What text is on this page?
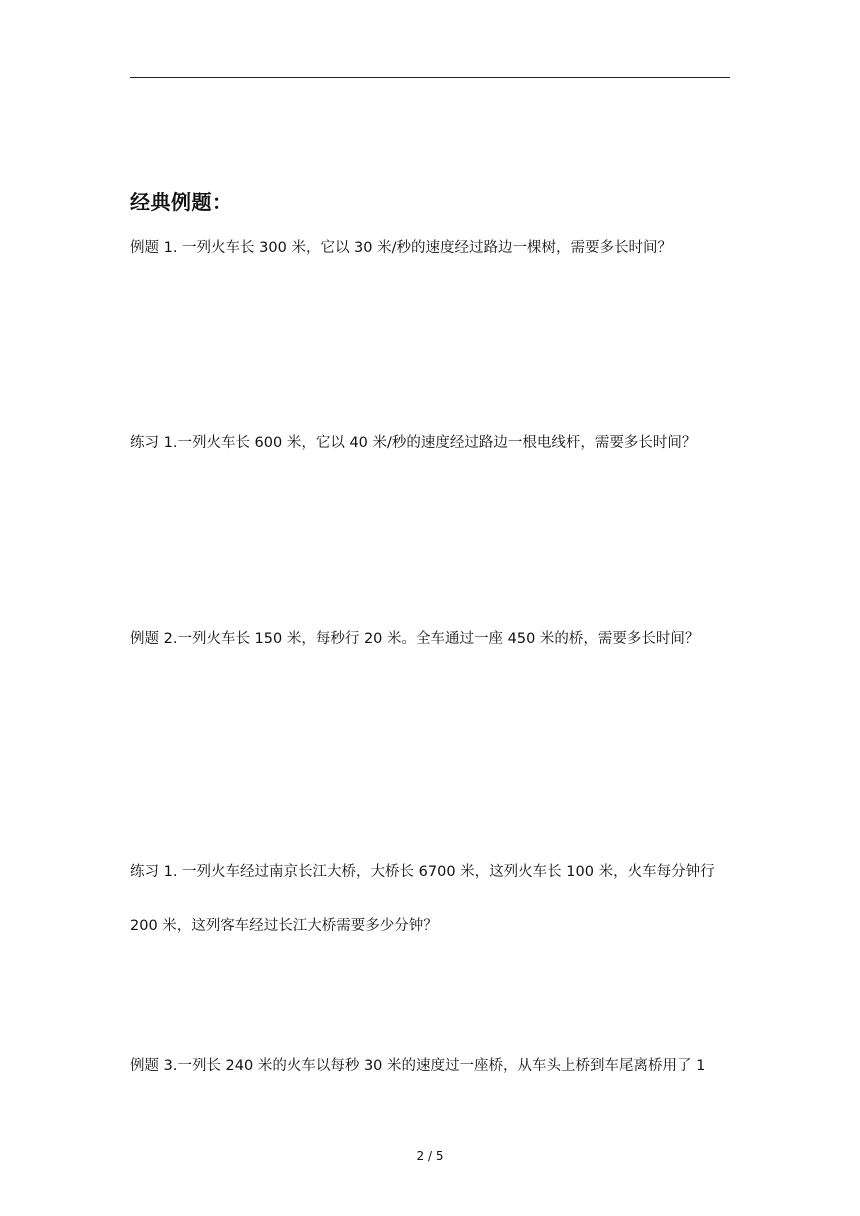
经典例题：
例题 1. 一列火车长 300 米，它以 30 米/秒的速度经过路边一棵树，需要多长时间？
练习 1.一列火车长 600 米，它以 40 米/秒的速度经过路边一根电线杆，需要多长时间？
例题 2.一列火车长 150 米，每秒行 20 米。全车通过一座 450 米的桥，需要多长时间？
练习 1. 一列火车经过南京长江大桥，大桥长 6700 米，这列火车长 100 米，火车每分钟行
200 米，这列客车经过长江大桥需要多少分钟？
例题 3.一列长 240 米的火车以每秒 30 米的速度过一座桥，从车头上桥到车尾离桥用了 1
2 / 5
